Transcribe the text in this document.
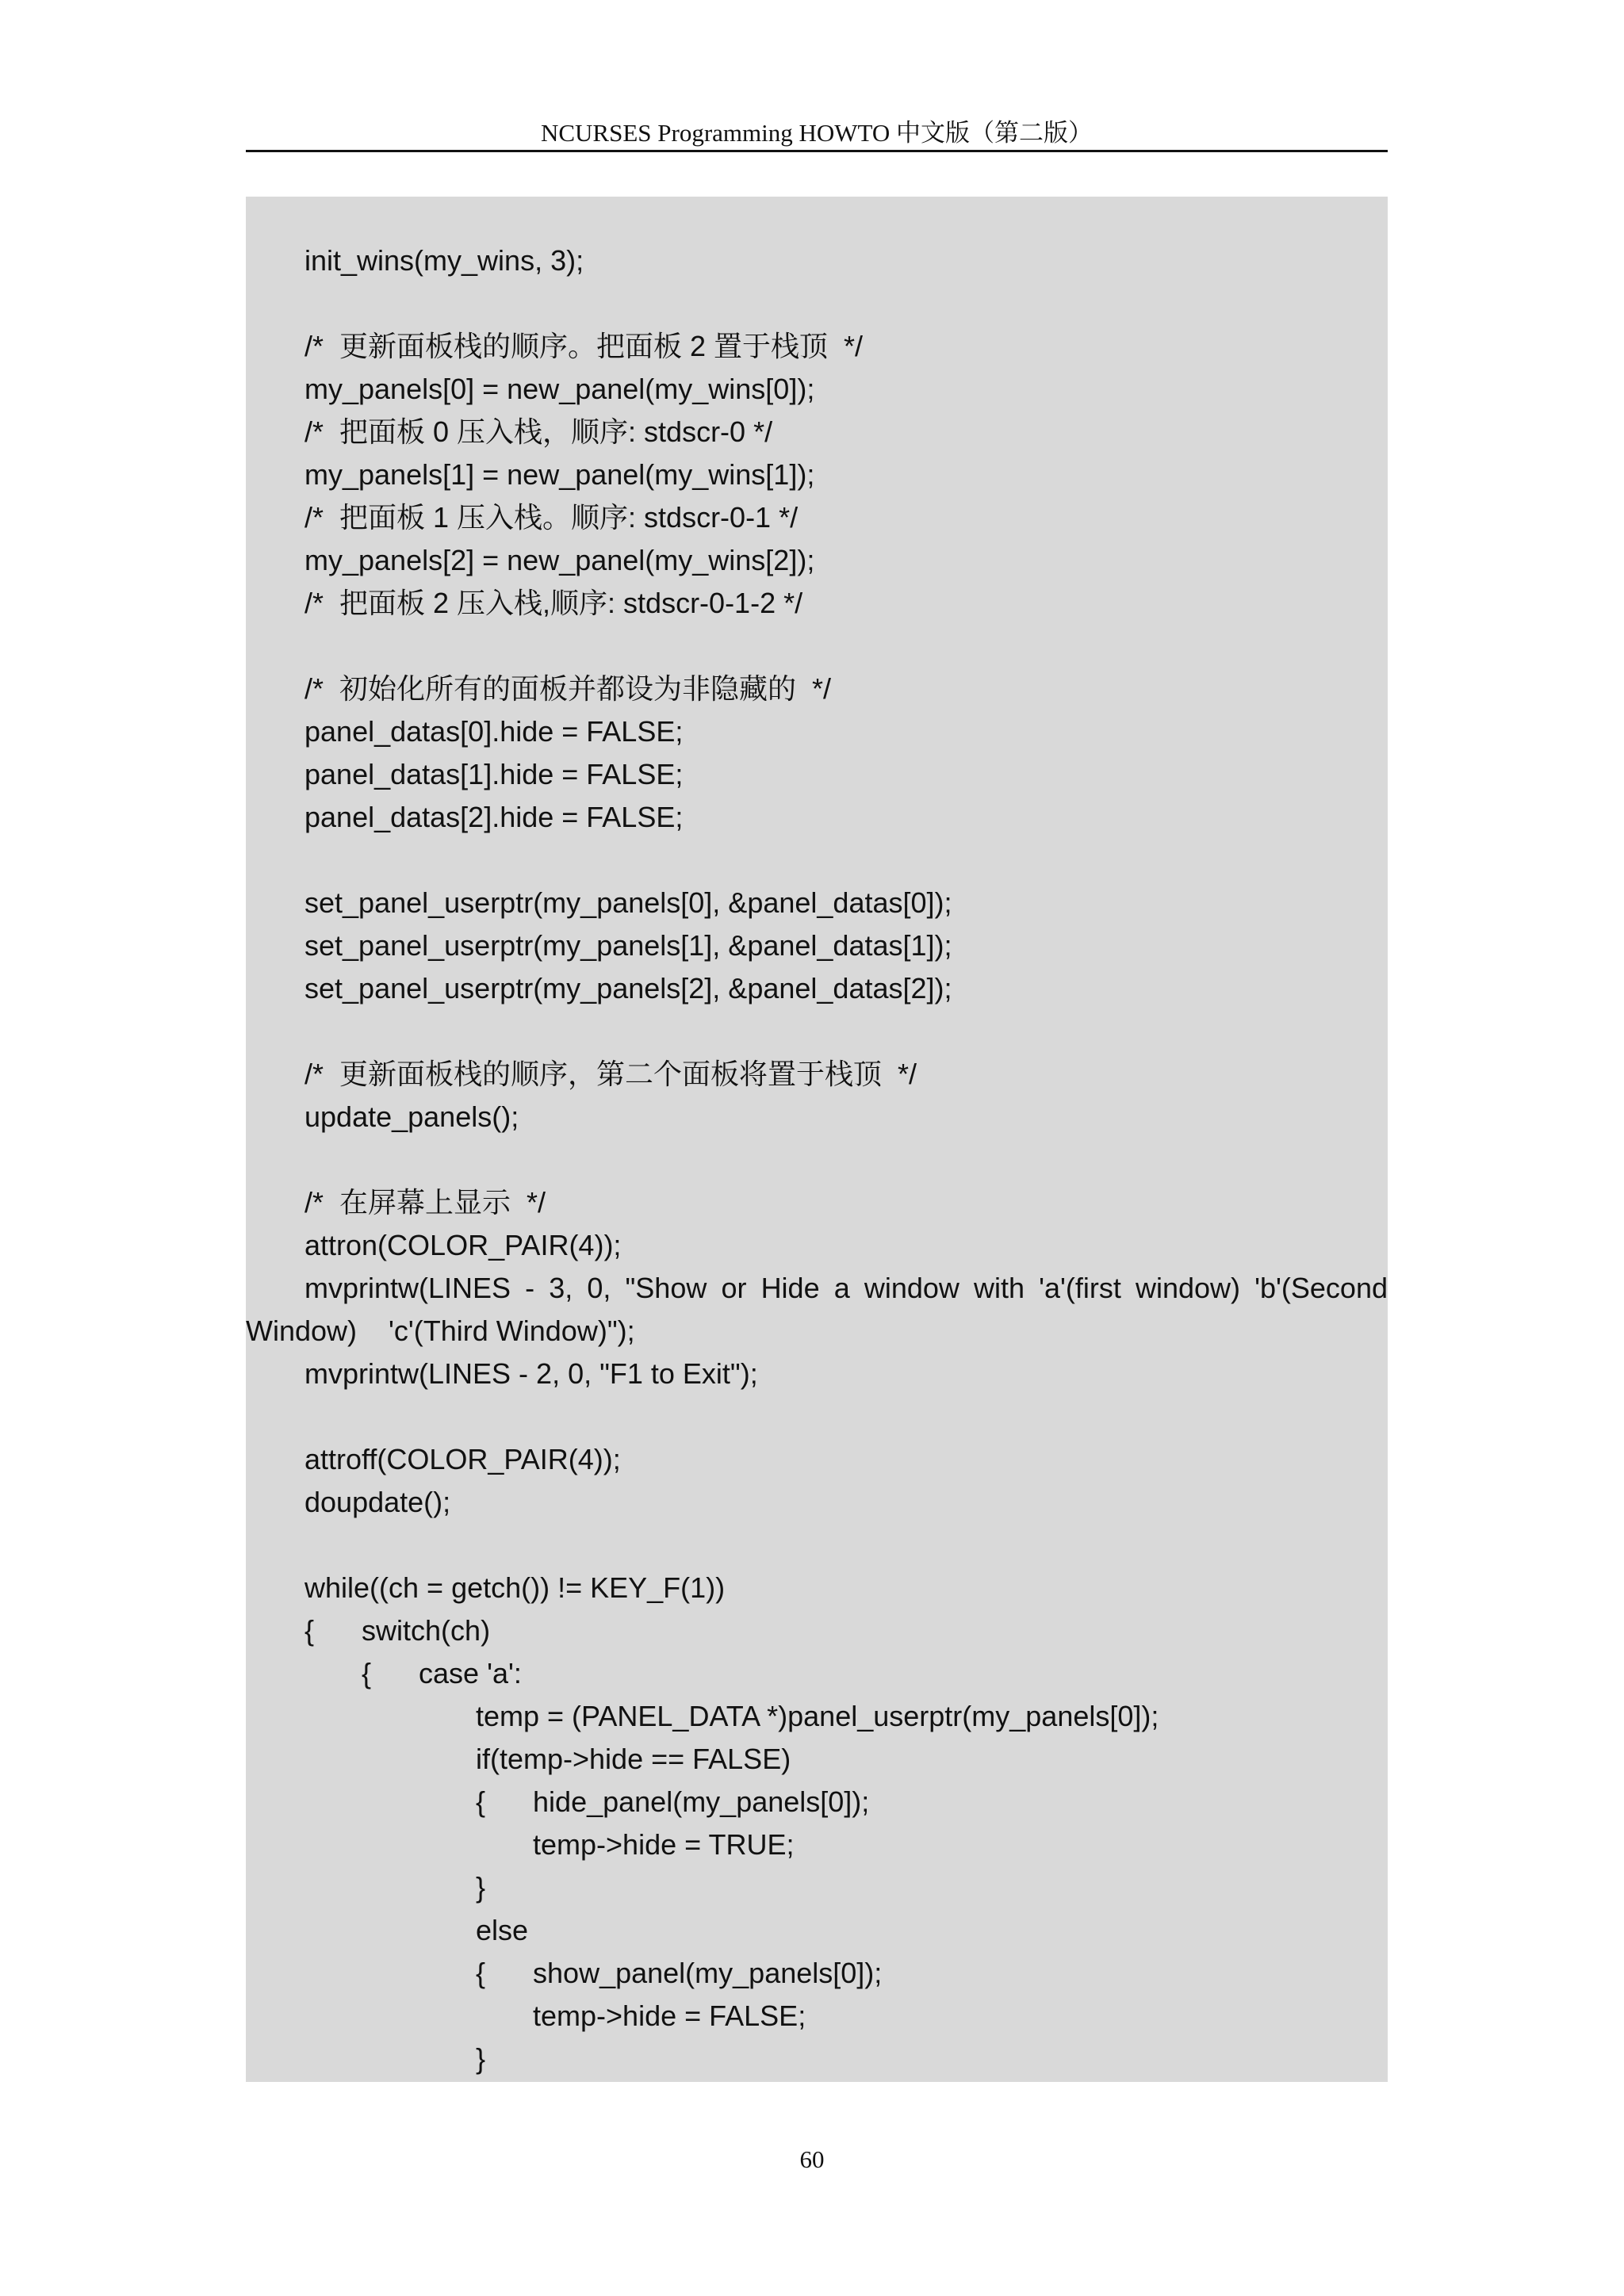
NCURSES Programming HOWTO 中文版（第二版）
init_wins(my_wins, 3);
/*  更新面板栈的顺序。把面板 2 置于栈顶  */
my_panels[0] = new_panel(my_wins[0]);
/*  把面板 0 压入栈，顺序: stdscr-0 */
my_panels[1] = new_panel(my_wins[1]);
/*  把面板 1 压入栈。顺序: stdscr-0-1 */
my_panels[2] = new_panel(my_wins[2]);
/*  把面板 2 压入栈,顺序: stdscr-0-1-2 */
/*  初始化所有的面板并都设为非隐藏的  */
panel_datas[0].hide = FALSE;
panel_datas[1].hide = FALSE;
panel_datas[2].hide = FALSE;
set_panel_userptr(my_panels[0], &panel_datas[0]);
set_panel_userptr(my_panels[1], &panel_datas[1]);
set_panel_userptr(my_panels[2], &panel_datas[2]);
/*  更新面板栈的顺序，第二个面板将置于栈顶  */
update_panels();
/*  在屏幕上显示  */
attron(COLOR_PAIR(4));
mvprintw(LINES - 3, 0, "Show or Hide a window with 'a'(first window) 'b'(Second
Window)    'c'(Third Window)");
mvprintw(LINES - 2, 0, "F1 to Exit");
attroff(COLOR_PAIR(4));
doupdate();
while((ch = getch()) != KEY_F(1))
{      switch(ch)
{      case 'a':
temp = (PANEL_DATA *)panel_userptr(my_panels[0]);
if(temp->hide == FALSE)
{      hide_panel(my_panels[0]);
temp->hide = TRUE;
}
else
{      show_panel(my_panels[0]);
temp->hide = FALSE;
}
60
